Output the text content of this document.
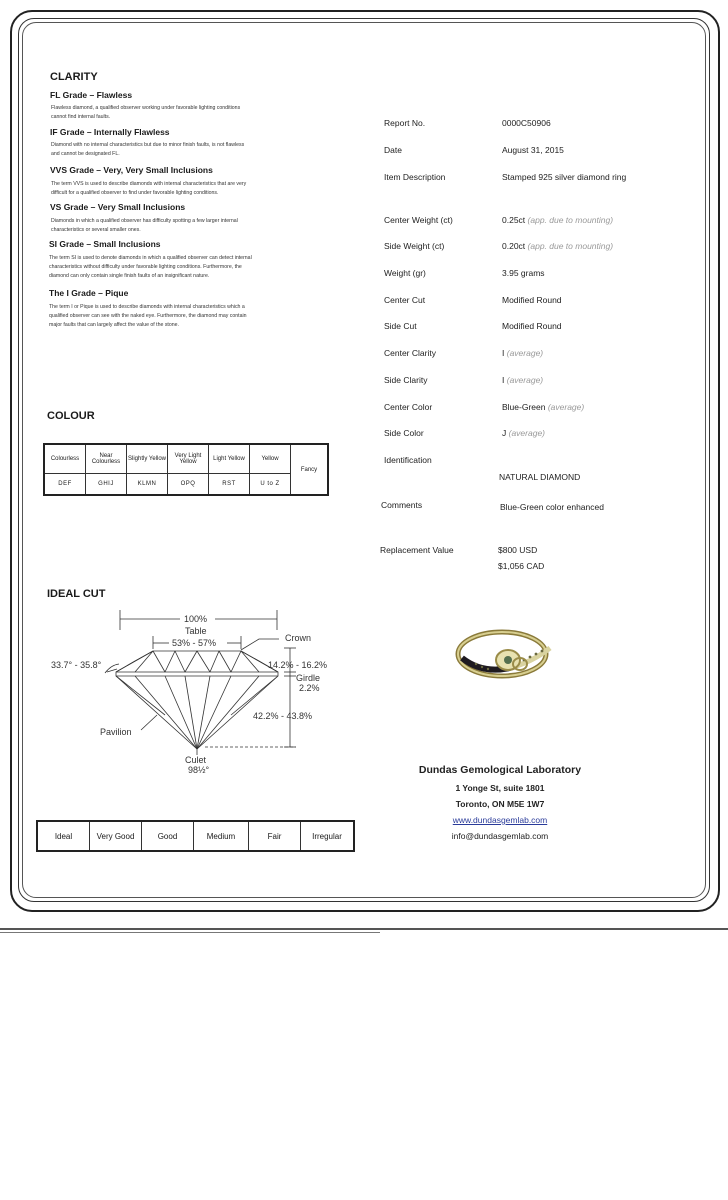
CLARITY
FL Grade – Flawless
Flawless diamond, a qualified observer working under favorable lighting conditions
cannot find internal faults.
IF Grade – Internally Flawless
Diamond with no internal characteristics but due to minor finish faults, is not flawless
and cannot be designated FL.
VVS Grade – Very, Very Small Inclusions
The term VVS is used to describe diamonds with internal characteristics that are very
difficult for a qualified observer to find under favorable lighting conditions.
VS Grade – Very Small Inclusions
Diamonds in which a qualified observer has difficulty spotting a few larger internal
characteristics or several smaller ones.
SI Grade – Small Inclusions
The term SI is used to denote diamonds in which a qualified observer can detect internal
characteristics without difficulty under favorable lighting conditions. Furthermore, the
diamond can only contain single finish faults of an insignificant nature.
The I Grade – Pique
The term I or Pique is used to describe diamonds with internal characteristics which a
qualified observer can see with the naked eye. Furthermore, the diamond may contain
major faults that can largely affect the value of the stone.
COLOUR
Colourless	Near Colourless	Slightly Yellow	Very Light Yellow	Light Yellow	Yellow	Fancy
DEF	GHIJ	KLMN	OPQ	RST	U to Z	
IDEAL CUT
100%
Table
53% - 57%	Crown
33.7° - 35.8°	14.2% - 16.2%
Girdle
2.2%
42.2% - 43.8%
Pavilion
Culet
98½°
Ideal	Very Good	Good	Medium	Fair	Irregular
Report No.	0000C50906
Date	August 31, 2015
Item Description	Stamped 925 silver diamond ring
Center Weight (ct)	0.25ct (app. due to mounting)
Side Weight (ct)	0.20ct (app. due to mounting)
Weight (gr)	3.95 grams
Center Cut	Modified Round
Side Cut	Modified Round
Center Clarity	I (average)
Side Clarity	I (average)
Center Color	Blue-Green (average)
Side Color	J (average)
Identification
NATURAL DIAMOND
Comments	Blue-Green color enhanced
Replacement Value	$800 USD
$1,056 CAD
Dundas Gemological Laboratory
1 Yonge St, suite 1801
Toronto, ON M5E 1W7
www.dundasgemlab.com
info@dundasgemlab.com
